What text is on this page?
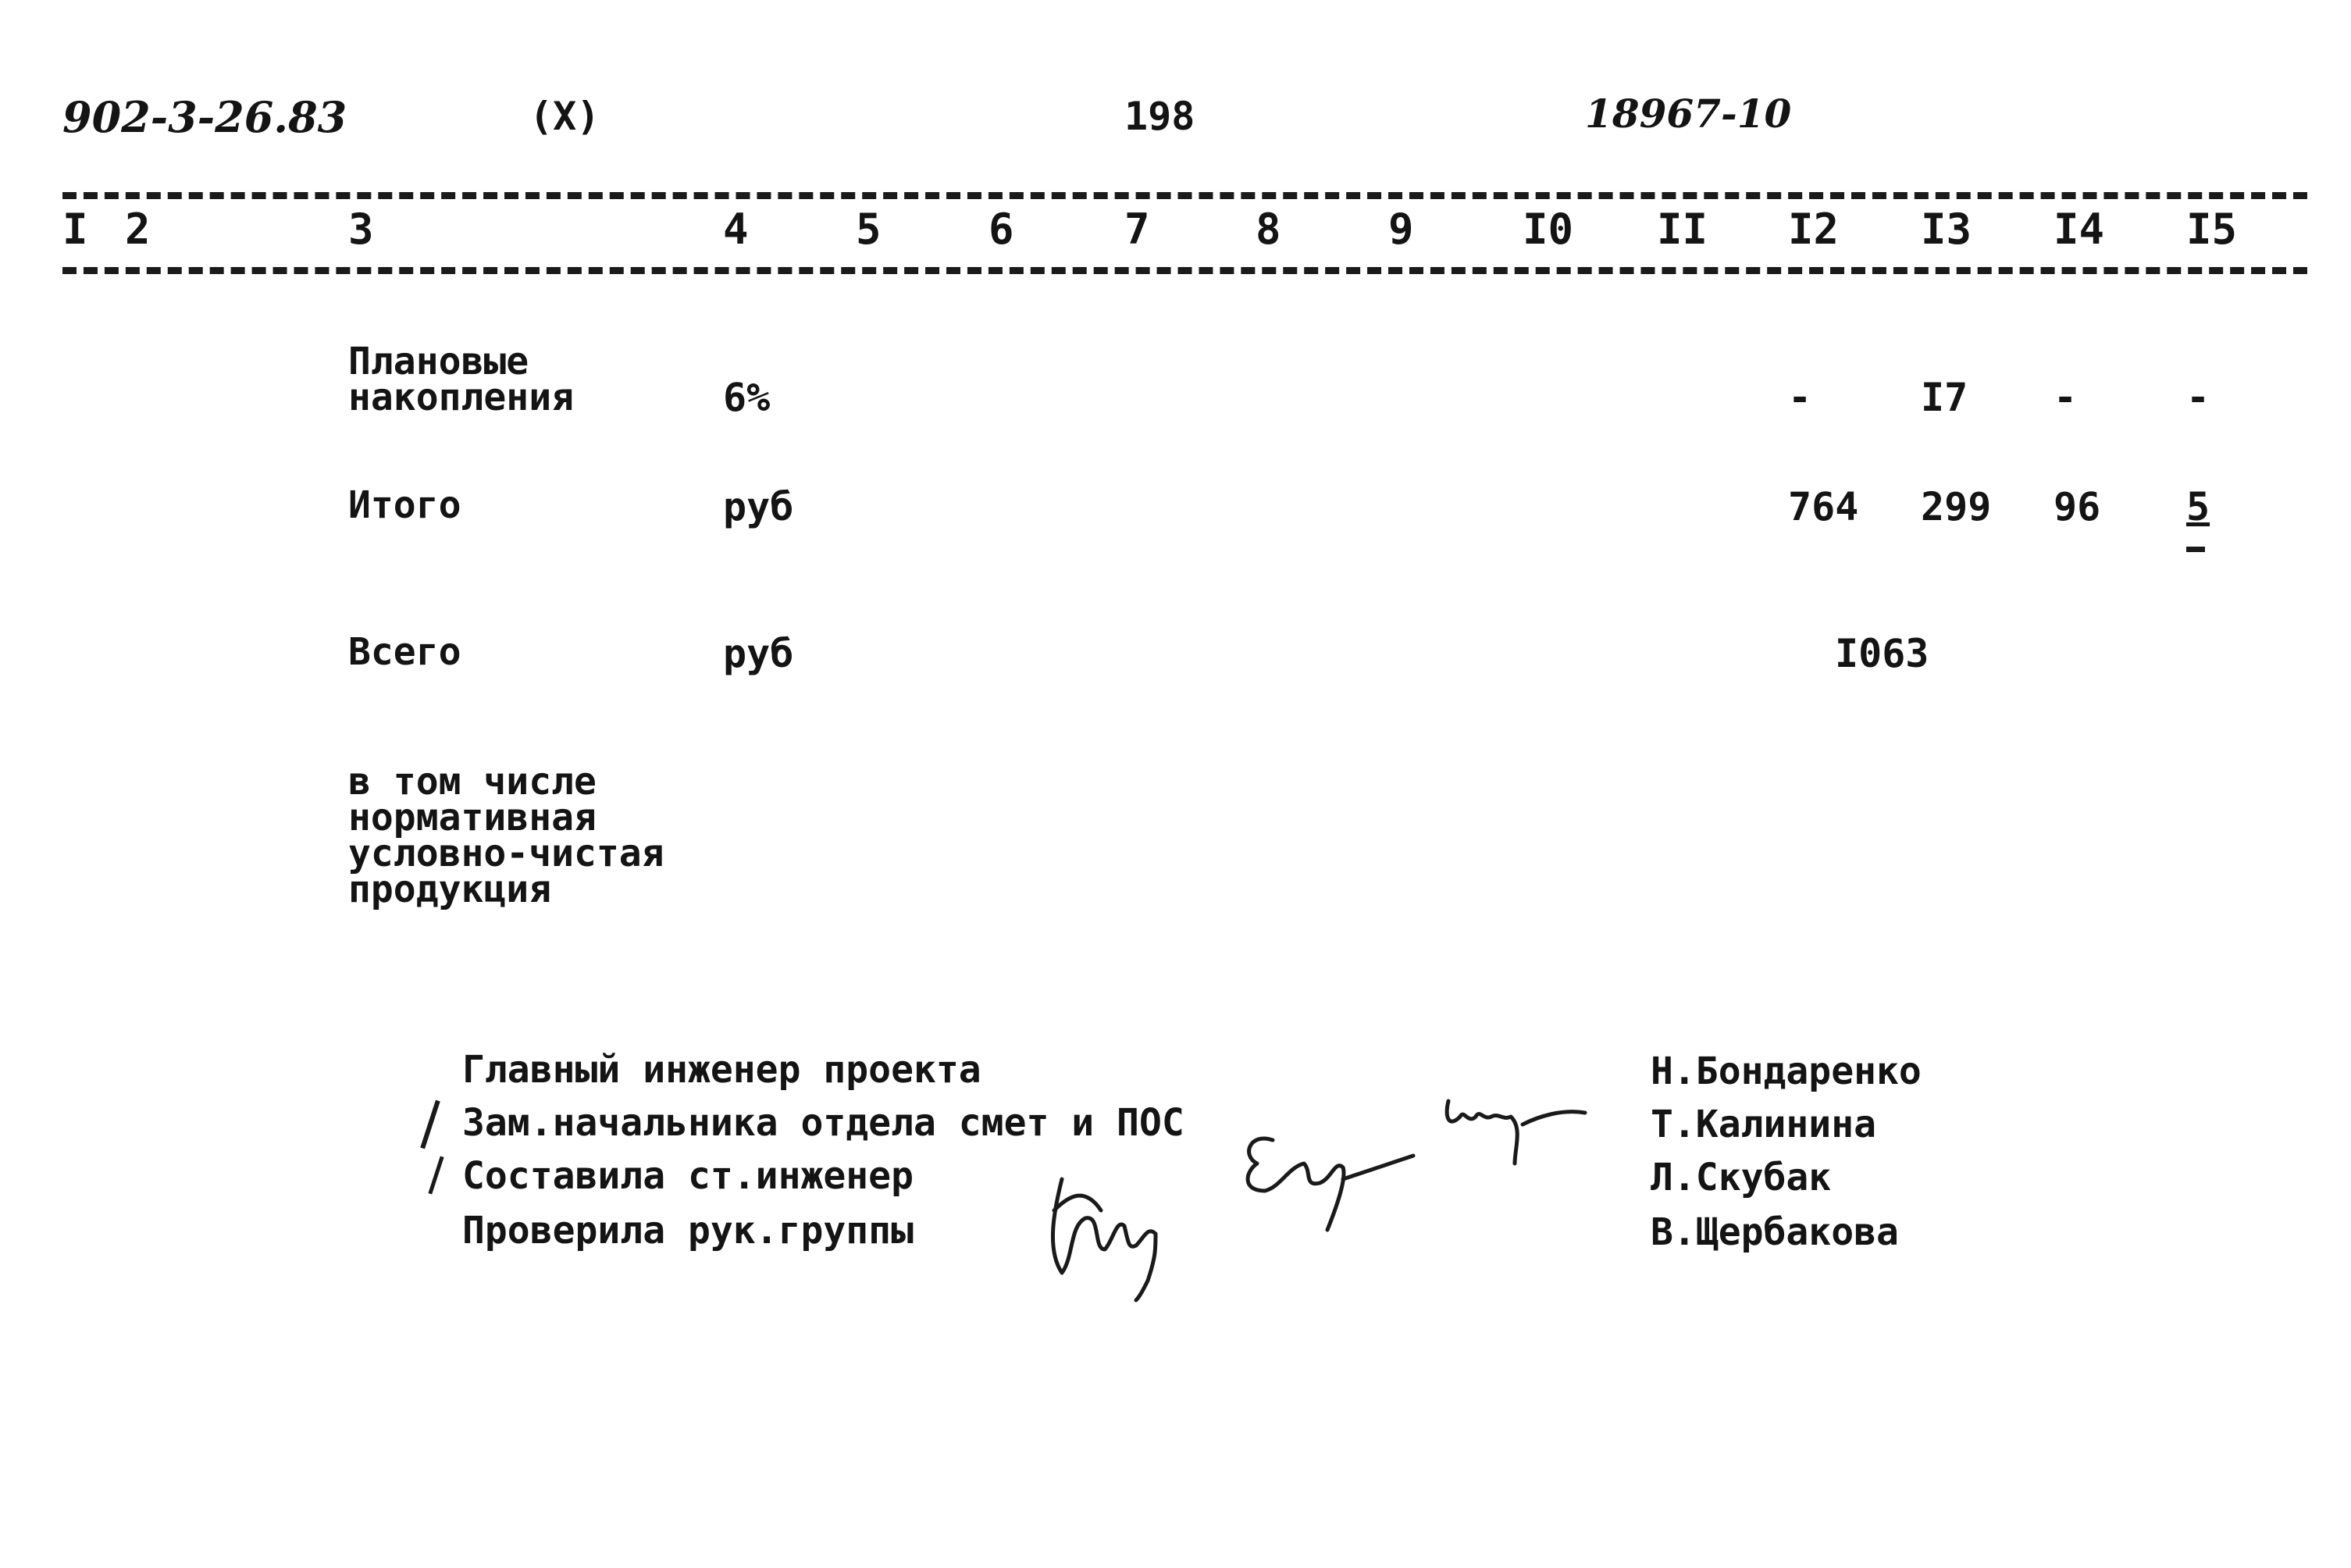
902-3-26.83	(X)	198	18967-10
I 2	3	4	5	6	7	8	9	I0 II I2 I3 I4 I5
Плановые
накопления	6%	-	I7 -	-
Итого	руб	764 299 96 5
Всего	руб	I063
в том числе
нормативная
условно-чистая
продукция
Главный инженер проекта
Зам.начальника отдела смет и ПОС
Составила ст.инженер
Проверила рук.группы
Н.Бондаренко
Т.Калинина
Л.Скубак
В.Щербакова
